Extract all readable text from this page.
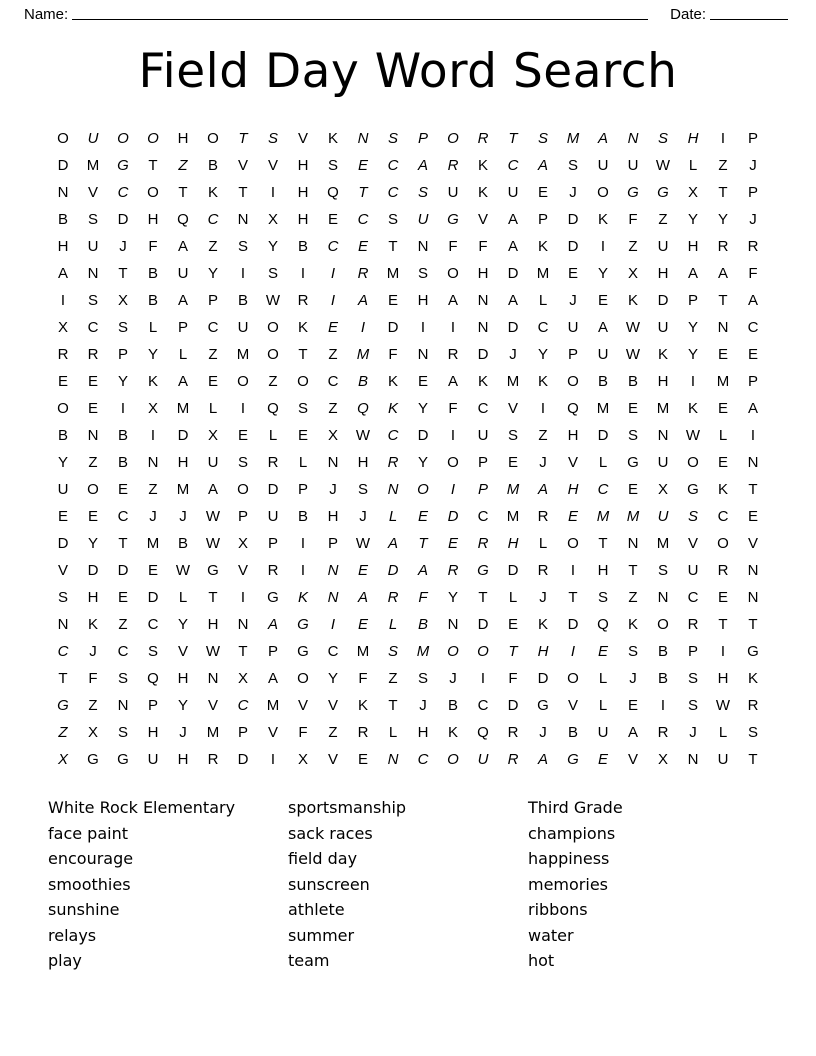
Name:	Date:
Field Day Word Search
O	U	O	O	H	O	T	S	V	K	N	S	P	O	R	T	S	M	A	N	S	H	I	P
D	M	G	T	Z	B	V	V	H	S	E	C	A	R	K	C	A	S	U	U	W	L	Z	J
N	V	C	O	T	K	T	I	H	Q	T	C	S	U	K	U	E	J	O	G	G	X	T	P
B	S	D	H	Q	C	N	X	H	E	C	S	U	G	V	A	P	D	K	F	Z	Y	Y	J
H	U	J	F	A	Z	S	Y	B	C	E	T	N	F	F	A	K	D	I	Z	U	H	R	R
A	N	T	B	U	Y	I	S	I	I	R	M	S	O	H	D	M	E	Y	X	H	A	A	F
I	S	X	B	A	P	B	W	R	I	A	E	H	A	N	A	L	J	E	K	D	P	T	A
X	C	S	L	P	C	U	O	K	E	I	D	I	I	N	D	C	U	A	W	U	Y	N	C
R	R	P	Y	L	Z	M	O	T	Z	M	F	N	R	D	J	Y	P	U	W	K	Y	E	E
E	E	Y	K	A	E	O	Z	O	C	B	K	E	A	K	M	K	O	B	B	H	I	M	P
O	E	I	X	M	L	I	Q	S	Z	Q	K	Y	F	C	V	I	Q	M	E	M	K	E	A
B	N	B	I	D	X	E	L	E	X	W	C	D	I	U	S	Z	H	D	S	N	W	L	I
Y	Z	B	N	H	U	S	R	L	N	H	R	Y	O	P	E	J	V	L	G	U	O	E	N
U	O	E	Z	M	A	O	D	P	J	S	N	O	I	P	M	A	H	C	E	X	G	K	T
E	E	C	J	J	W	P	U	B	H	J	L	E	D	C	M	R	E	M	M	U	S	C	E
D	Y	T	M	B	W	X	P	I	P	W	A	T	E	R	H	L	O	T	N	M	V	O	V
V	D	D	E	W	G	V	R	I	N	E	D	A	R	G	D	R	I	H	T	S	U	R	N
S	H	E	D	L	T	I	G	K	N	A	R	F	Y	T	L	J	T	S	Z	N	C	E	N
N	K	Z	C	Y	H	N	A	G	I	E	L	B	N	D	E	K	D	Q	K	O	R	T	T
C	J	C	S	V	W	T	P	G	C	M	S	M	O	O	T	H	I	E	S	B	P	I	G
T	F	S	Q	H	N	X	A	O	Y	F	Z	S	J	I	F	D	O	L	J	B	S	H	K
G	Z	N	P	Y	V	C	M	V	V	K	T	J	B	C	D	G	V	L	E	I	S	W	R
Z	X	S	H	J	M	P	V	F	Z	R	L	H	K	Q	R	J	B	U	A	R	J	L	S
X	G	G	U	H	R	D	I	X	V	E	N	C	O	U	R	A	G	E	V	X	N	U	T
White Rock Elementary
face paint
encourage
smoothies
sunshine
relays
play
sportsmanship
sack races
field day
sunscreen
athlete
summer
team
Third Grade
champions
happiness
memories
ribbons
water
hot
